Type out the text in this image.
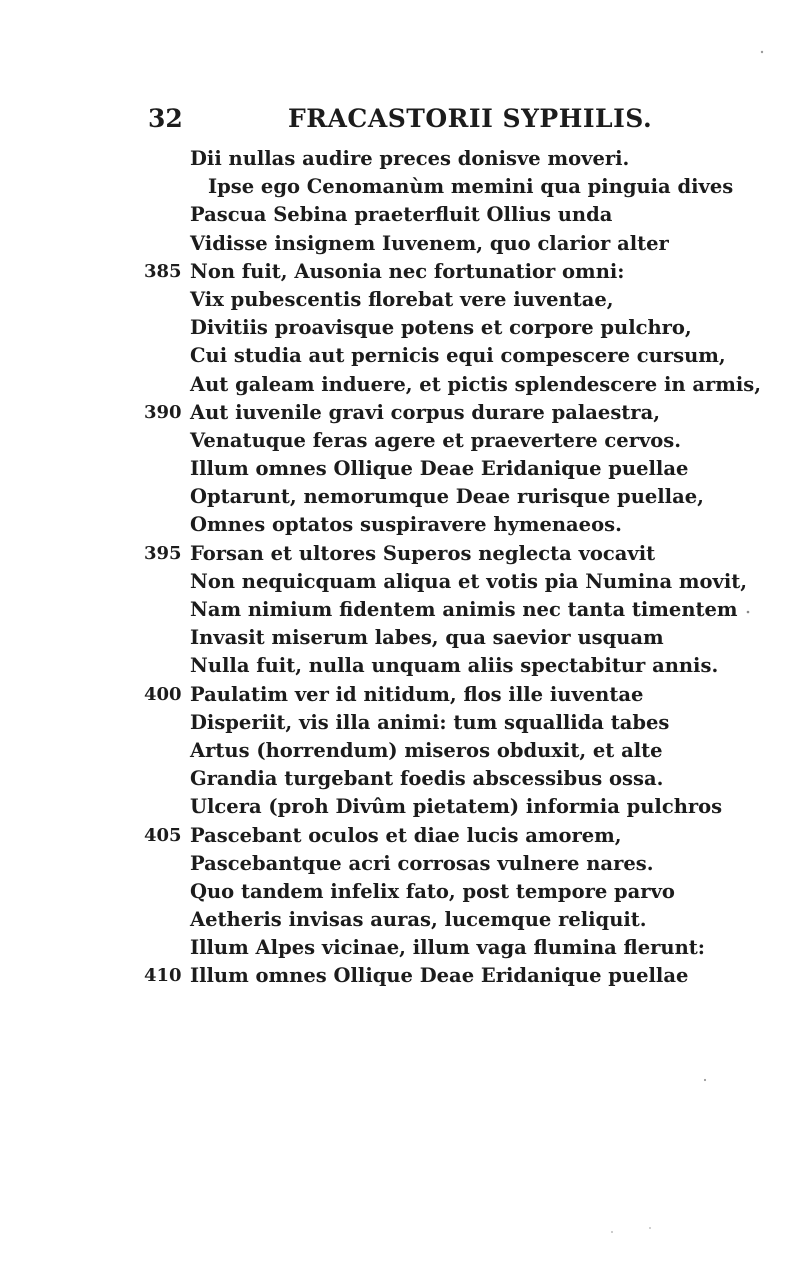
32	FRACASTORII SYPHILIS.
Dii nullas audire preces donisve moveri.
Ipse ego Cenomanùm memini qua pinguia dives
Pascua Sebina praeterfluit Ollius unda
Vidisse insignem Iuvenem, quo clarior alter
385 Non fuit, Ausonia nec fortunatior omni:
Vix pubescentis florebat vere iuventae,
Divitiis proavisque potens et corpore pulchro,
Cui studia aut pernicis equi compescere cursum,
Aut galeam induere, et pictis splendescere in armis,
390 Aut iuvenile gravi corpus durare palaestra,
Venatuque feras agere et praevertere cervos.
Illum omnes Ollique Deae Eridanique puellae
Optarunt, nemorumque Deae rurisque puellae,
Omnes optatos suspiravere hymenaeos.
395 Forsan et ultores Superos neglecta vocavit
Non nequicquam aliqua et votis pia Numina movit,
Nam nimium fidentem animis nec tanta timentem
Invasit miserum labes, qua saevior usquam
Nulla fuit, nulla unquam aliis spectabitur annis.
400 Paulatim ver id nitidum, flos ille iuventae
Disperiit, vis illa animi: tum squallida tabes
Artus (horrendum) miseros obduxit, et alte
Grandia turgebant foedis abscessibus ossa.
Ulcera (proh Divûm pietatem) informia pulchros
405 Pascebant oculos et diae lucis amorem,
Pascebantque acri corrosas vulnere nares.
Quo tandem infelix fato, post tempore parvo
Aetheris invisas auras, lucemque reliquit.
Illum Alpes vicinae, illum vaga flumina flerunt:
410 Illum omnes Ollique Deae Eridanique puellae
